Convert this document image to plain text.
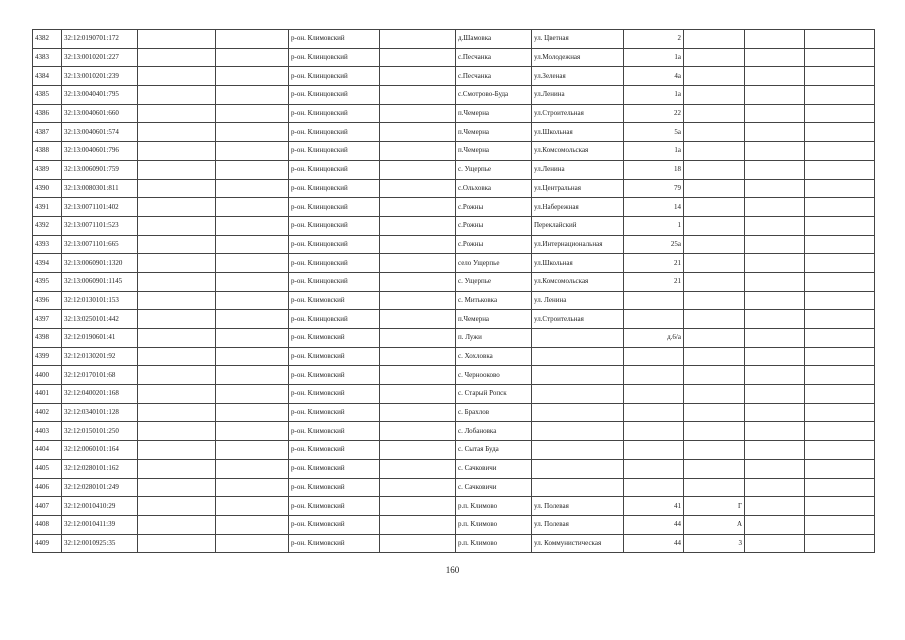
4382	32:12:0190701:172			р-он. Климовский		д.Шамовка	ул. Цветная	2			
4383	32:13:0010201:227			р-он. Клинцовский		с.Песчанка	ул.Молодежная	1а			
4384	32:13:0010201:239			р-он. Клинцовский		с.Песчанка	ул.Зеленая	4а			
4385	32:13:0040401:795			р-он. Клинцовский		с.Смотрово-Буда	ул.Ленина	1а			
4386	32:13:0040601:660			р-он. Клинцовский		п.Чемерна	ул.Строительная	22			
4387	32:13:0040601:574			р-он. Клинцовский		п.Чемерна	ул.Школьная	5а			
4388	32:13:0040601:796			р-он. Клинцовский		п.Чемерна	ул.Комсомольская	1а			
4389	32:13:0060901:759			р-он. Клинцовский		с. Ущерпье	ул.Ленина	18			
4390	32:13:0080301:811			р-он. Клинцовский		с.Ольховка	ул.Центральная	79			
4391	32:13:0071101:402			р-он. Клинцовский		с.Рожны	ул.Набережная	14			
4392	32:13:0071101:523			р-он. Клинцовский		с.Рожны	Переклайский	1			
4393	32:13:0071101:665			р-он. Клинцовский		с.Рожны	ул.Интернациональная	25а			
4394	32:13:0060901:1320			р-он. Клинцовский		село Ущерпье	ул.Школьная	21			
4395	32:13:0060901:1145			р-он. Клинцовский		с. Ущерпье	ул.Комсомольская	21			
4396	32:12:0130101:153			р-он. Климовский		с. Митьковка	ул. Ленина				
4397	32:13:0250101:442			р-он. Клинцовский		п.Чемерна	ул.Строительная				
4398	32:12:0190601:41			р-он. Климовский		п. Лужи		д.6/а			
4399	32:12:0130201:92			р-он. Климовский		с. Хохловка					
4400	32:12:0170101:68			р-он. Климовский		с. Чернооково					
4401	32:12:0400201:168			р-он. Климовский		с. Старый Ропск					
4402	32:12:0340101:128			р-он. Климовский		с. Брахлов					
4403	32:12:0150101:250			р-он. Климовский		с. Лобановка					
4404	32:12:0060101:164			р-он. Климовский		с. Сытая Буда					
4405	32:12:0280101:162			р-он. Климовский		с. Сачковичи					
4406	32:12:0280101:249			р-он. Климовский		с. Сачковичи					
4407	32:12:0010410:29			р-он. Климовский		р.п. Климово	ул. Полевая	41	Г		
4408	32:12:0010411:39			р-он. Климовский		р.п. Климово	ул. Полевая	44	А		
4409	32:12:0010925:35			р-он. Климовский		р.п. Климово	ул. Коммунистическая	44	3		
160
